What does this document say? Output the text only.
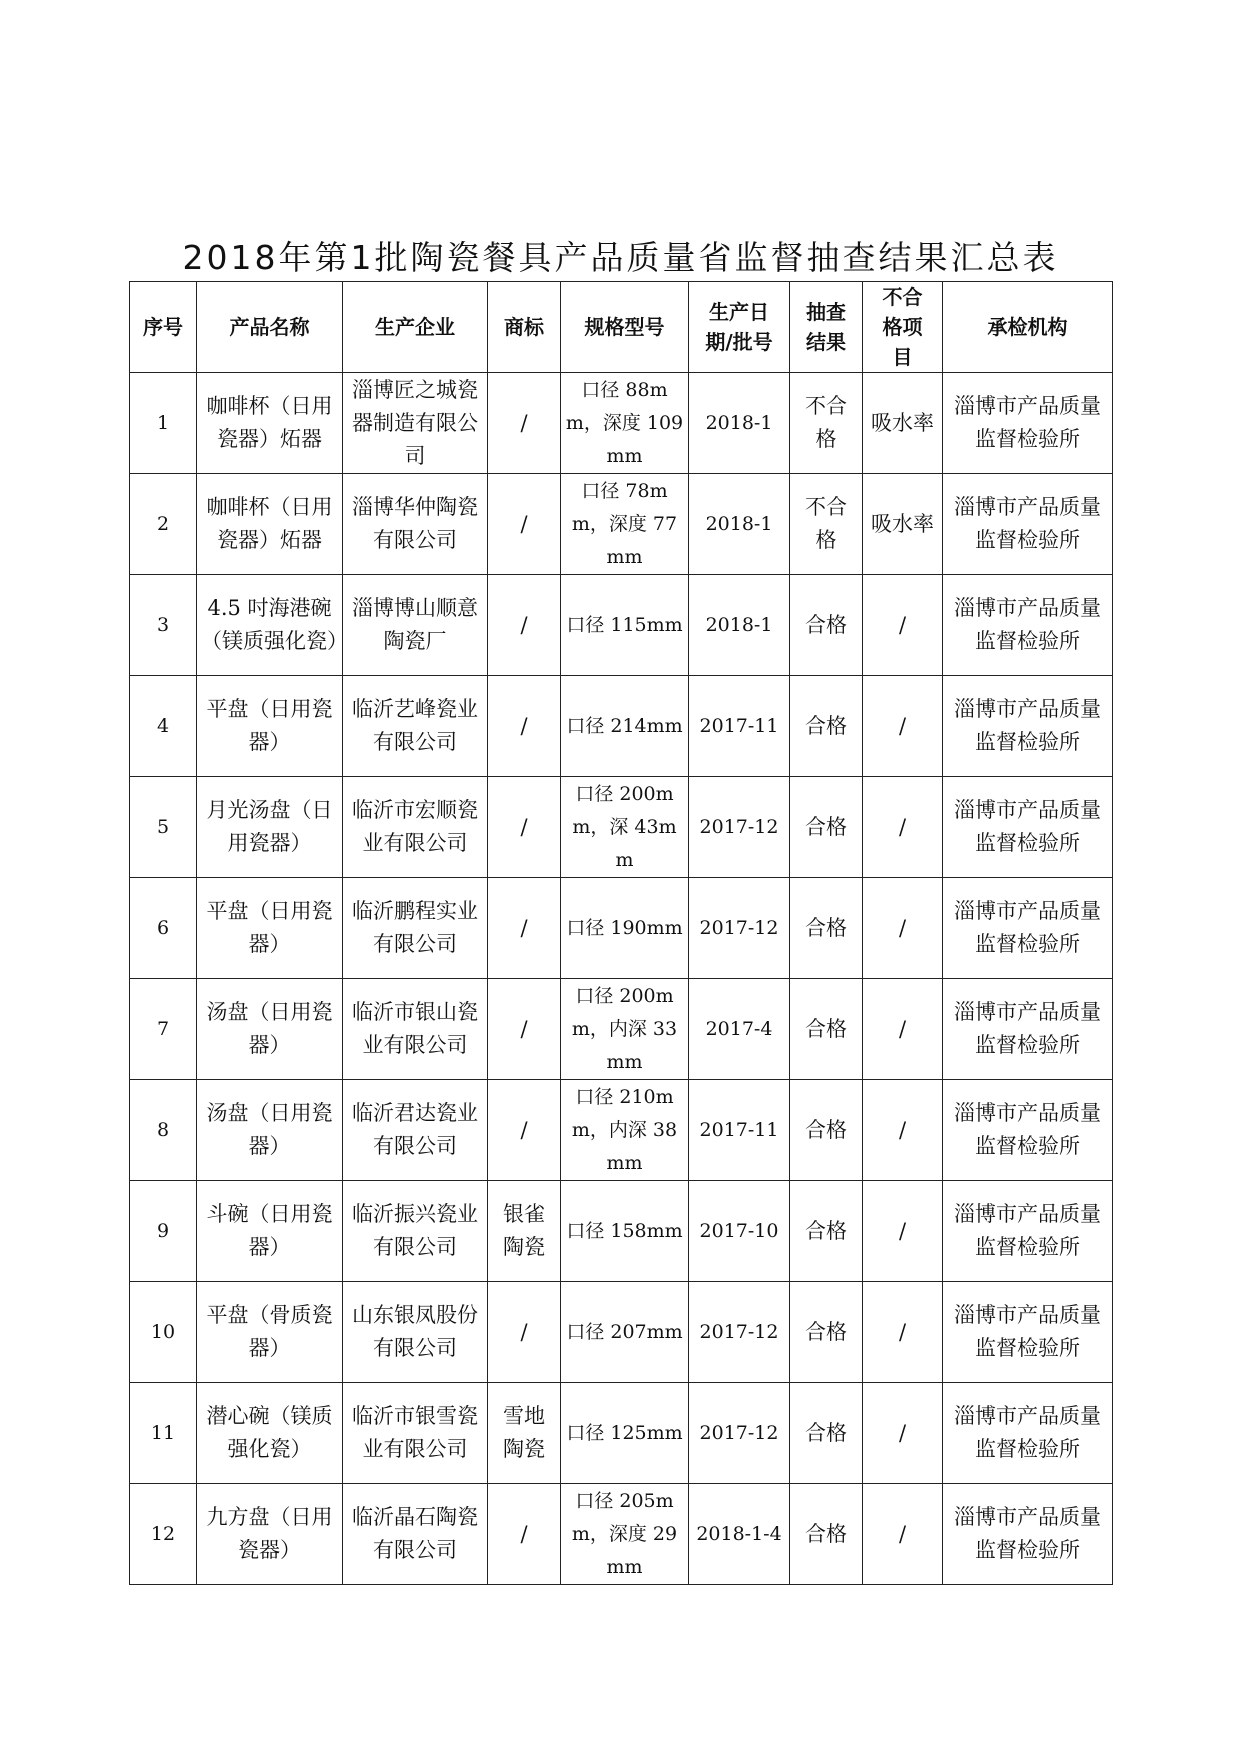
2018年第1批陶瓷餐具产品质量省监督抽查结果汇总表
序号	产品名称	生产企业	商标	规格型号	生产日期/批号	抽查结果	不合格项目	承检机构
1	咖啡杯（日用瓷器）炻器	淄博匠之城瓷器制造有限公司	/	口径 88mm，深度 109mm	2018-1	不合格	吸水率	淄博市产品质量监督检验所
2	咖啡杯（日用瓷器）炻器	淄博华仲陶瓷有限公司	/	口径 78mm，深度 77mm	2018-1	不合格	吸水率	淄博市产品质量监督检验所
3	4.5 吋海港碗（镁质强化瓷）	淄博博山顺意陶瓷厂	/	口径 115mm	2018-1	合格	/	淄博市产品质量监督检验所
4	平盘（日用瓷器）	临沂艺峰瓷业有限公司	/	口径 214mm	2017-11	合格	/	淄博市产品质量监督检验所
5	月光汤盘（日用瓷器）	临沂市宏顺瓷业有限公司	/	口径 200mm，深 43mm	2017-12	合格	/	淄博市产品质量监督检验所
6	平盘（日用瓷器）	临沂鹏程实业有限公司	/	口径 190mm	2017-12	合格	/	淄博市产品质量监督检验所
7	汤盘（日用瓷器）	临沂市银山瓷业有限公司	/	口径 200mm，内深 33mm	2017-4	合格	/	淄博市产品质量监督检验所
8	汤盘（日用瓷器）	临沂君达瓷业有限公司	/	口径 210mm，内深 38mm	2017-11	合格	/	淄博市产品质量监督检验所
9	斗碗（日用瓷器）	临沂振兴瓷业有限公司	银雀陶瓷	口径 158mm	2017-10	合格	/	淄博市产品质量监督检验所
10	平盘（骨质瓷器）	山东银凤股份有限公司	/	口径 207mm	2017-12	合格	/	淄博市产品质量监督检验所
11	潜心碗（镁质强化瓷）	临沂市银雪瓷业有限公司	雪地陶瓷	口径 125mm	2017-12	合格	/	淄博市产品质量监督检验所
12	九方盘（日用瓷器）	临沂晶石陶瓷有限公司	/	口径 205mm，深度 29mm	2018-1-4	合格	/	淄博市产品质量监督检验所
